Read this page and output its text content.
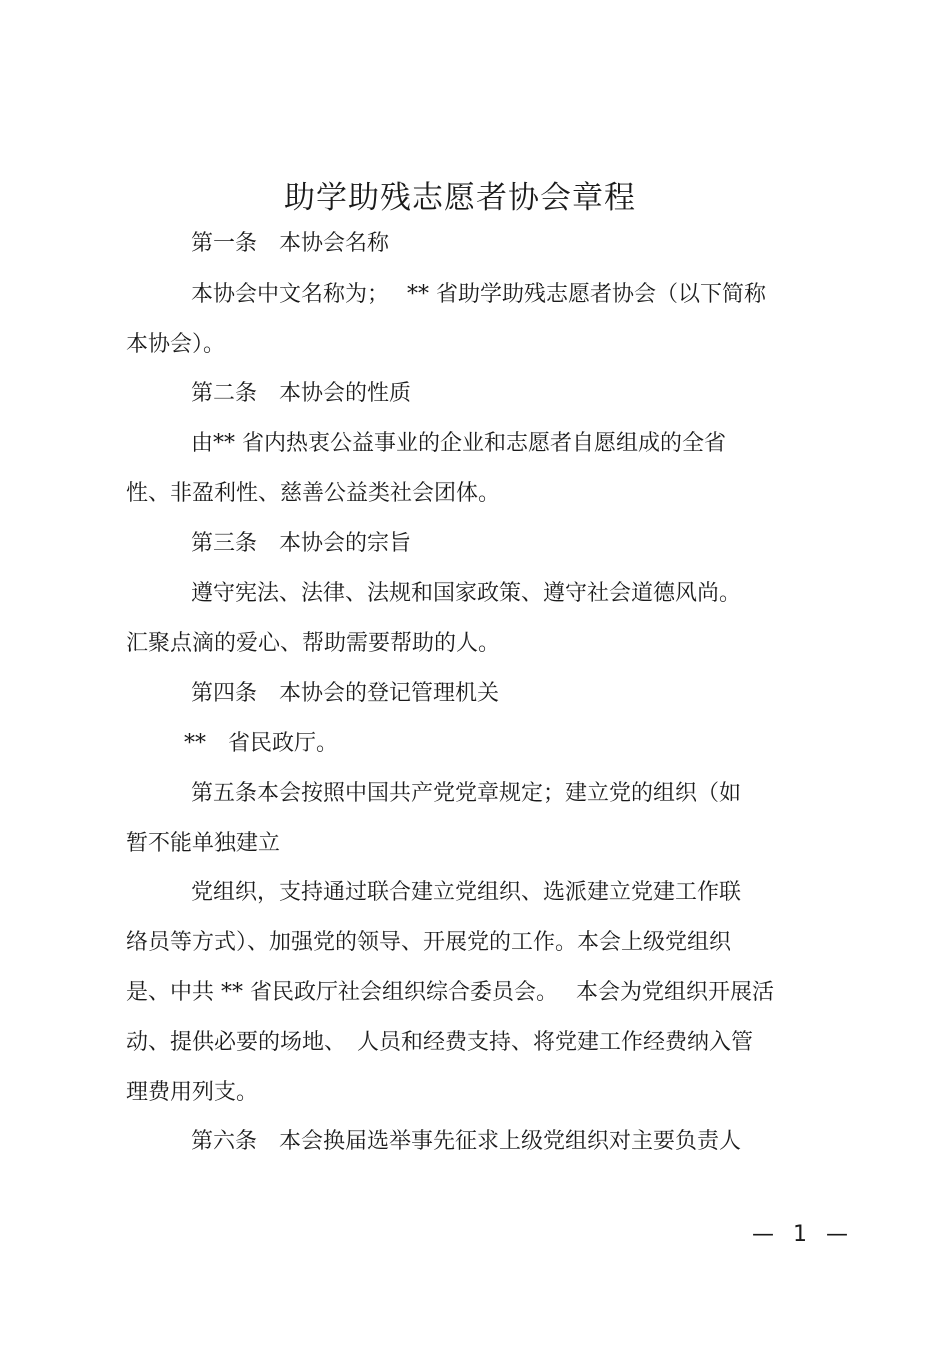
助学助残志愿者协会章程
第一条　本协会名称
本协会中文名称为；　 ** 省助学助残志愿者协会（以下简称
本协会）。
第二条　本协会的性质
由** 省内热衷公益事业的企业和志愿者自愿组成的全省
性、非盈利性、慈善公益类社会团体。
第三条　本协会的宗旨
遵守宪法、法律、法规和国家政策、遵守社会道德风尚。
汇聚点滴的爱心、帮助需要帮助的人。
第四条　本协会的登记管理机关
**　省民政厅。
第五条本会按照中国共产党党章规定；建立党的组织（如
暂不能单独建立
党组织，支持通过联合建立党组织、选派建立党建工作联
络员等方式）、加强党的领导、开展党的工作。本会上级党组织
是、中共 ** 省民政厅社会组织综合委员会。　 本会为党组织开展活
动、提供必要的场地、　人员和经费支持、将党建工作经费纳入管
理费用列支。
第六条　本会换届选举事先征求上级党组织对主要负责人
— 1 —
